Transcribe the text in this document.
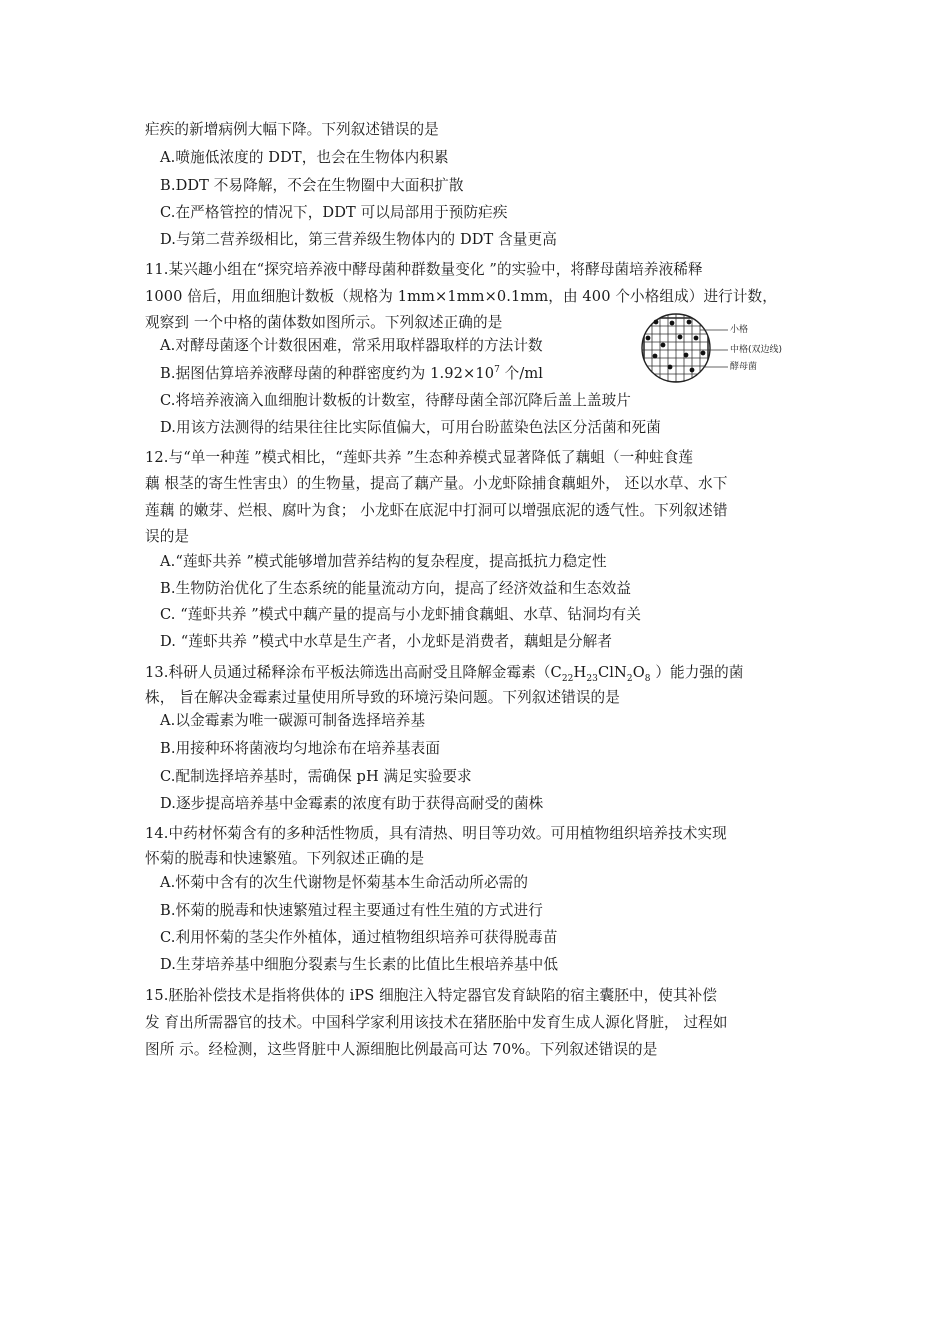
疟疾的新增病例大幅下降。下列叙述错误的是
A.喷施低浓度的 DDT，也会在生物体内积累
B.DDT 不易降解，不会在生物圈中大面积扩散
C.在严格管控的情况下，DDT 可以局部用于预防疟疾
D.与第二营养级相比，第三营养级生物体内的 DDT 含量更高
11.某兴趣小组在“探究培养液中酵母菌种群数量变化 ”的实验中，将酵母菌培养液稀释
1000 倍后，用血细胞计数板（规格为 1mm×1mm×0.1mm，由 400 个小格组成）进行计数，
观察到 一个中格的菌体数如图所示。下列叙述正确的是
A.对酵母菌逐个计数很困难，常采用取样器取样的方法计数
B.据图估算培养液酵母菌的种群密度约为 $1.92\times 10^7$ 个/ml
C.将培养液滴入血细胞计数板的计数室，待酵母菌全部沉降后盖上盖玻片
D.用该方法测得的结果往往比实际值偏大，可用台盼蓝染色法区分活菌和死菌
小格
中格(双边线)
酵母菌
12.与“单一种莲 ”模式相比，“莲虾共养 ”生态种养模式显著降低了藕蛆（一种蛀食莲
藕 根茎的寄生性害虫）的生物量，提高了藕产量。小龙虾除捕食藕蛆外， 还以水草、水下
莲藕 的嫩芽、烂根、腐叶为食； 小龙虾在底泥中打洞可以增强底泥的透气性。下列叙述错
误的是
A.“莲虾共养 ”模式能够增加营养结构的复杂程度，提高抵抗力稳定性
B.生物防治优化了生态系统的能量流动方向，提高了经济效益和生态效益
C. “莲虾共养 ”模式中藕产量的提高与小龙虾捕食藕蛆、水草、钻洞均有关
D. “莲虾共养 ”模式中水草是生产者，小龙虾是消费者，藕蛆是分解者
13.科研人员通过稀释涂布平板法筛选出高耐受且降解金霉素（$C_{22}H_{23}ClN_2O_8$ ）能力强的菌
株， 旨在解决金霉素过量使用所导致的环境污染问题。下列叙述错误的是
A.以金霉素为唯一碳源可制备选择培养基
B.用接种环将菌液均匀地涂布在培养基表面
C.配制选择培养基时，需确保 pH 满足实验要求
D.逐步提高培养基中金霉素的浓度有助于获得高耐受的菌株
14.中药材怀菊含有的多种活性物质，具有清热、明目等功效。可用植物组织培养技术实现
怀菊的脱毒和快速繁殖。下列叙述正确的是
A.怀菊中含有的次生代谢物是怀菊基本生命活动所必需的
B.怀菊的脱毒和快速繁殖过程主要通过有性生殖的方式进行
C.利用怀菊的茎尖作外植体，通过植物组织培养可获得脱毒苗
D.生芽培养基中细胞分裂素与生长素的比值比生根培养基中低
15.胚胎补偿技术是指将供体的 iPS 细胞注入特定器官发育缺陷的宿主囊胚中，使其补偿
发 育出所需器官的技术。中国科学家利用该技术在猪胚胎中发育生成人源化肾脏， 过程如
图所 示。经检测，这些肾脏中人源细胞比例最高可达 70%。下列叙述错误的是
